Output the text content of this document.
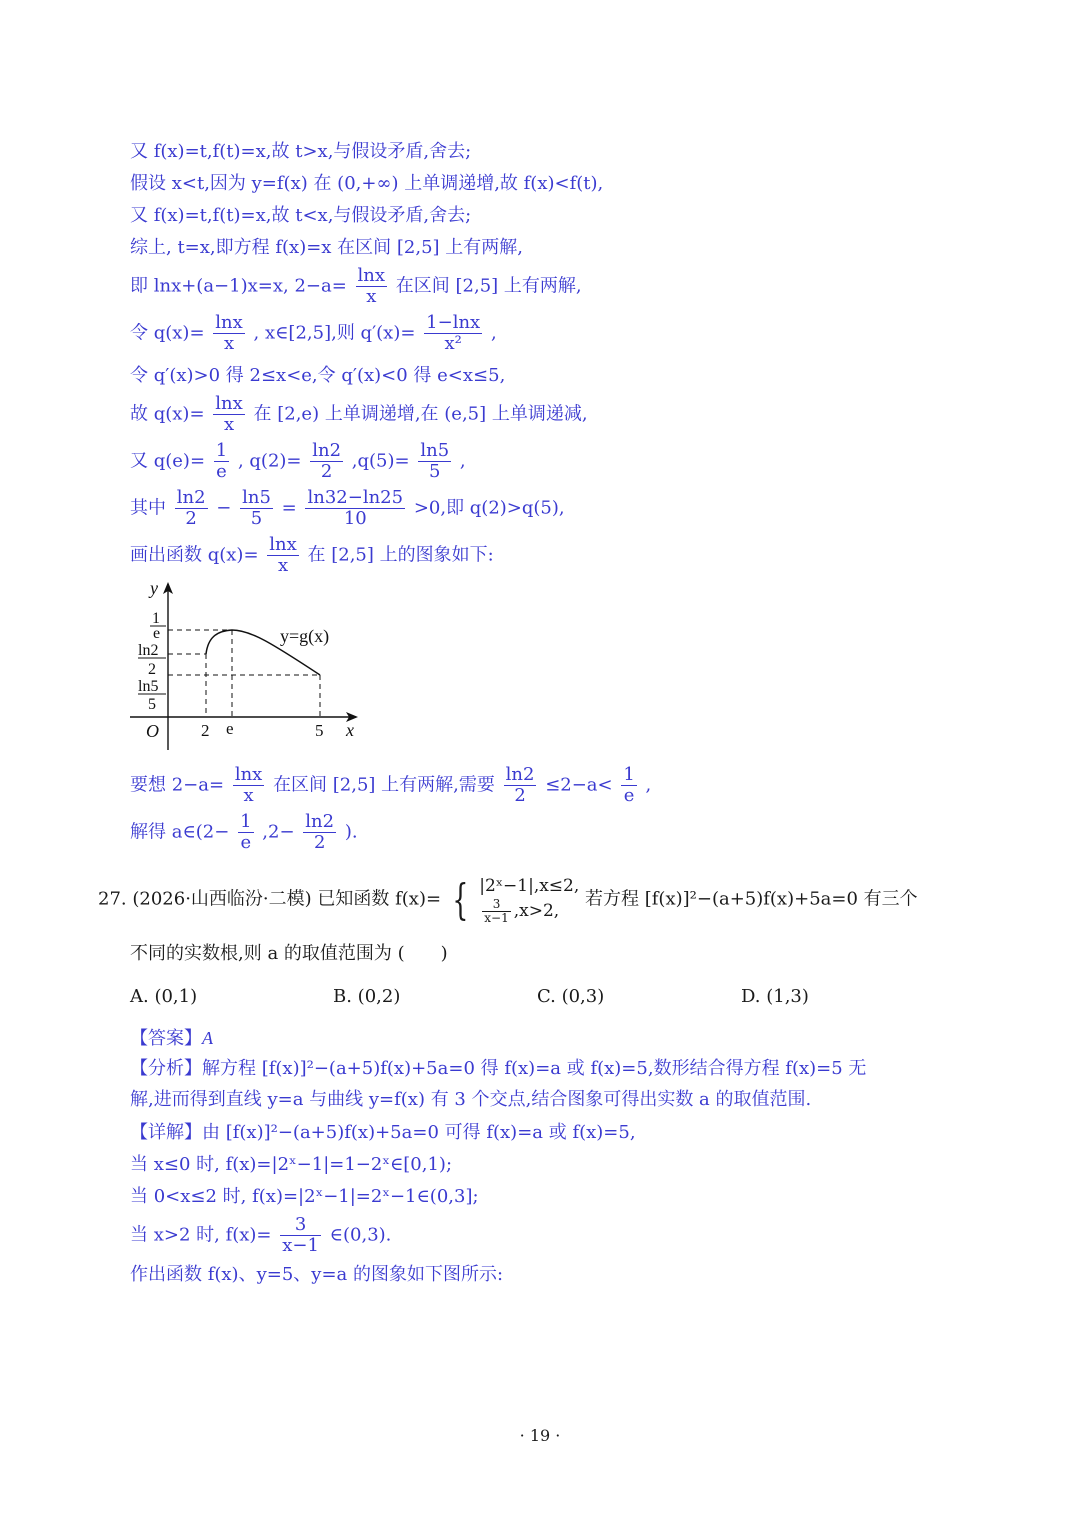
又 f(x)=t,f(t)=x,故 t>x,与假设矛盾,舍去;
假设 x<t,因为 y=f(x) 在 (0,+∞) 上单调递增,故 f(x)<f(t),
又 f(x)=t,f(t)=x,故 t<x,与假设矛盾,舍去;
综上, t=x,即方程 f(x)=x 在区间 [2,5] 上有两解,
即 lnx+(a−1)x=x, $2-a= \frac{\ln x}{x}$ 在区间 [2,5] 上有两解,
令 $q(x)= \frac{\ln x}{x}$ , x∈[2,5],则 $q'(x)= \frac{1-\ln x}{\text{x²}}$ ,
令 q′(x)>0 得 2≤x<e,令 q′(x)<0 得 e<x≤5,
故 $q(x)= \frac{\ln x}{x}$ 在 [2,e) 上单调递增,在 (e,5] 上单调递减,
又 $q(e)= \frac{1}{e}$ , $q(2)= \frac{\ln 2}{2} ,q(5)= \frac{\ln 5}{5}$ ,
其中 $\frac{\ln 2}{2} - \frac{\ln 5}{5} = \frac{\ln 32-\ln 25}{10} >0$,即 q(2)>q(5),
画出函数 $q(x)= \frac{\ln x}{x}$ 在 [2,5] 上的图象如下:
y
x
O
y=g(x)
1
e
ln2
2
ln5
5
2 e	5
要想 $2-a= \frac{\ln x}{x}$ 在区间 [2,5] 上有两解,需要 $\frac{\ln 2}{2} \le 2-a< \frac{1}{e}$ ,
解得 a∈(2− $\frac{1}{e} ,2- \frac{\ln 2}{2}$ ).
27. (2026·山西临汾·二模) 已知函数 f(x)= { |2ˣ−1|,x≤2,
$\frac{3}{x-1} ,x>2$,
若方程 [f(x)]²−(a+5)f(x)+5a=0 有三个
不同的实数根,则 a 的取值范围为 (　　)
A. (0,1)	B. (0,2)	C. (0,3)	D. (1,3)
【答案】A
【分析】解方程 [f(x)]²−(a+5)f(x)+5a=0 得 f(x)=a 或 f(x)=5,数形结合得方程 f(x)=5 无
解,进而得到直线 y=a 与曲线 y=f(x) 有 3 个交点,结合图象可得出实数 a 的取值范围.
【详解】由 [f(x)]²−(a+5)f(x)+5a=0 可得 f(x)=a 或 f(x)=5,
当 x≤0 时, f(x)=|2ˣ−1|=1−2ˣ∈[0,1);
当 0<x≤2 时, f(x)=|2ˣ−1|=2ˣ−1∈(0,3];
当 x>2 时, $f(x)= \frac{3}{x-1}$ ∈(0,3).
作出函数 f(x)、y=5、y=a 的图象如下图所示:
· 19 ·
